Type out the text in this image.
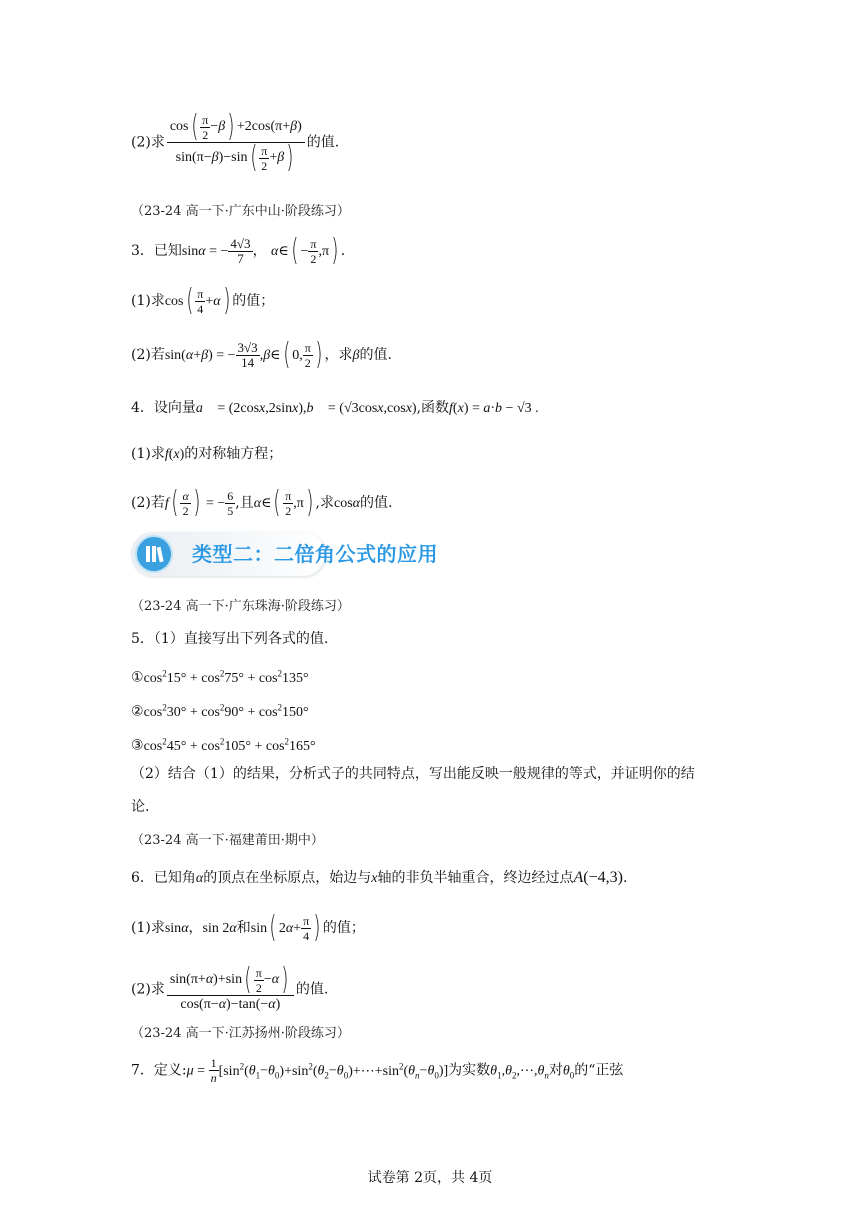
(2)求 $\frac{\cos( \frac{\pi}{2} -\beta) +2\cos(\pi+\beta)}{\sin(\pi-\beta)-\sin( \frac{\pi}{2} +\beta)}$ 的值.
（23-24 高一下·广东中山·阶段练习）
3．已知sinα = − $\frac{4√3}{7}$ ， α∈( − $\frac{\pi}{2} ,\pi$) .
(1)求$\cos( \frac{\pi}{4} +\alpha)$ 的值；
(2)若sin(α+β) = − $\frac{3√3}{14}$ ,β∈( 0, $\frac{\pi}{2}$ ) ，求β的值.
4．设向量a⃗ = (2cosx,2sinx),b⃗ = (√3cosx,cosx),函数f(x) = a·b − √3 .
(1)求f(x)的对称轴方程；
(2)若$f( \frac{\alpha}{2}$ ) = − $\frac{6}{5}$ ,且α∈( $\frac{\pi}{2} ,\pi$) ,求cosα的值.
类型二：二倍角公式的应用
（23-24 高一下·广东珠海·阶段练习）
5．（1）直接写出下列各式的值.
$①\cos^215^\circ + \cos^275^\circ + \cos^2135^\circ$
$②\cos^230^\circ + \cos^290^\circ + \cos^2150^\circ$
$③\cos^245^\circ + \cos^2105^\circ + \cos^2165^\circ$
（2）结合（1）的结果，分析式子的共同特点，写出能反映一般规律的等式，并证明你的结
论.
（23-24 高一下·福建莆田·期中）
6．已知角α的顶点在坐标原点，始边与x轴的非负半轴重合，终边经过点A(−4,3).
(1)求sinα，sin 2α和sin( $2\alpha+ \frac{\pi}{4}$ ) 的值；
(2)求 $\frac{\sin(\pi+\alpha)+\sin( \frac{\pi}{2} -\alpha)}{\cos(\pi-\alpha)-\tan(-\alpha)}$ 的值.
（23-24 高一下·江苏扬州·阶段练习）
7．定义:μ = $\frac{1}{n}$ $[\sin^2(\theta_1-\theta_0)+\sin^2(\theta_2-\theta_0)+\cdots+\sin^2(\theta_n-\theta_0)]$为实数$\theta_1,\theta_2,\cdots,\theta_n$对$\theta_0$的“正弦
试卷第 2页，共 4页
